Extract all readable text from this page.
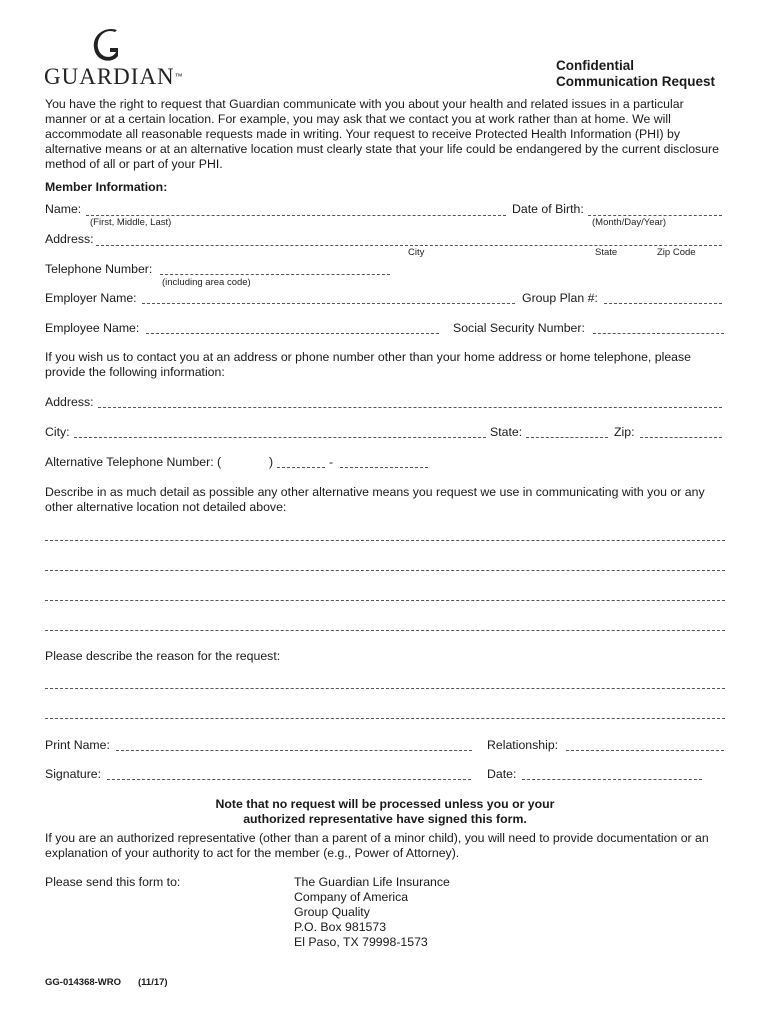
GUARDIAN™
Confidential
Communication Request
You have the right to request that Guardian communicate with you about your health and related issues in a particular manner or at a certain location. For example, you may ask that we contact you at work rather than at home. We will accommodate all reasonable requests made in writing. Your request to receive Protected Health Information (PHI) by alternative means or at an alternative location must clearly state that your life could be endangered by the current disclosure method of all or part of your PHI.
Member Information:
Name:
(First, Middle, Last)
Date of Birth:
(Month/Day/Year)
Address:
City	State	Zip Code
Telephone Number:
(including area code)
Employer Name:	Group Plan #:
Employee Name:	Social Security Number:
If you wish us to contact you at an address or phone number other than your home address or home telephone, please provide the following information:
Address:
City:	State:	Zip:
Alternative Telephone Number: (	)	-
Describe in as much detail as possible any other alternative means you request we use in communicating with you or any other alternative location not detailed above:
Please describe the reason for the request:
Print Name:	Relationship:
Signature:	Date:
Note that no request will be processed unless you or your
authorized representative have signed this form.
If you are an authorized representative (other than a parent of a minor child), you will need to provide documentation or an explanation of your authority to act for the member (e.g., Power of Attorney).
Please send this form to:	The Guardian Life Insurance
Company of America
Group Quality
P.O. Box 981573
El Paso, TX 79998-1573
GG-014368-WRO (11/17)
